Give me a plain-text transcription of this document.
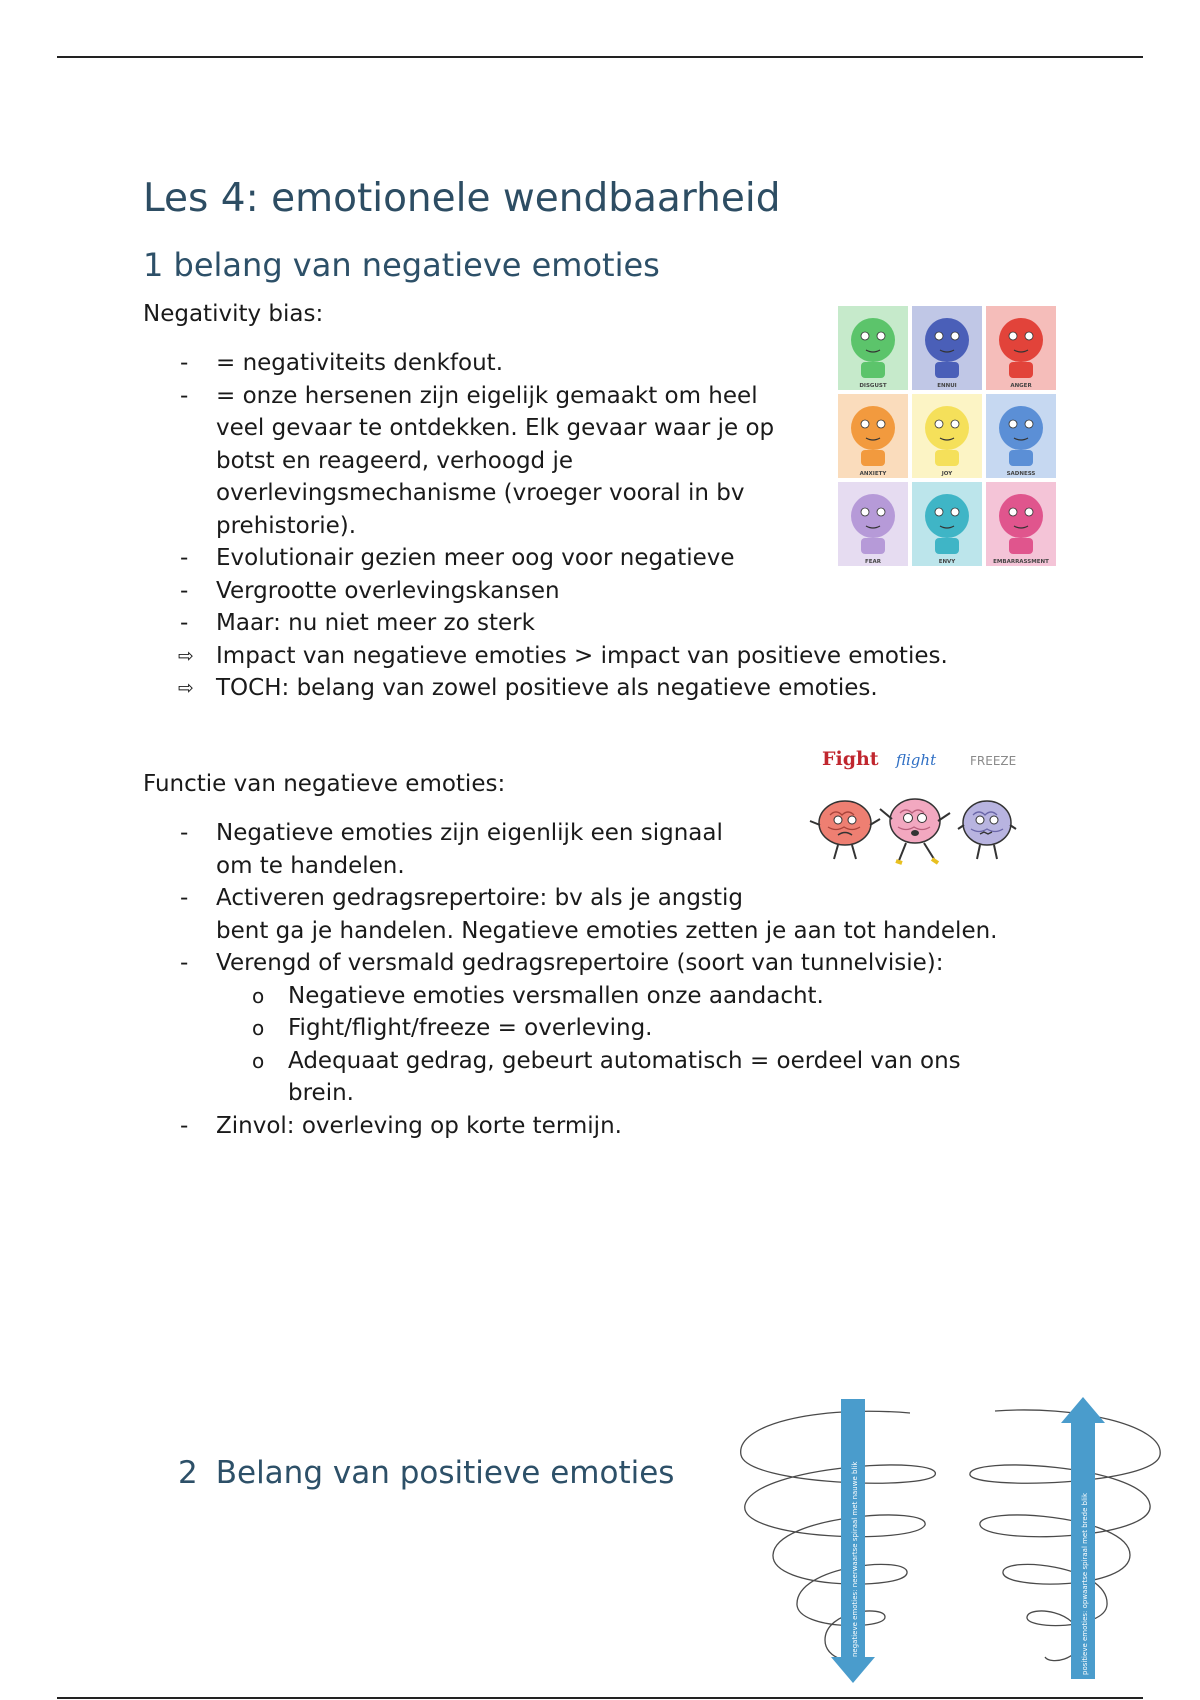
Les 4: emotionele wendbaarheid
1 belang van negatieve emoties
Negativity bias:
- = negativiteits denkfout.
- = onze hersenen zijn eigelijk gemaakt om heel
veel gevaar te ontdekken. Elk gevaar waar je op
botst en reageerd, verhoogd je
overlevingsmechanisme (vroeger vooral in bv
prehistorie).
- Evolutionair gezien meer oog voor negatieve
- Vergrootte overlevingskansen
- Maar: nu niet meer zo sterk
⇨ Impact van negatieve emoties > impact van positieve emoties.
⇨ TOCH: belang van zowel positieve als negatieve emoties.
DISGUST	ENNUI	ANGER
ANXIETY	JOY	SADNESS
FEAR	ENVY	EMBARRASSMENT
Functie van negatieve emoties:
- Negatieve emoties zijn eigenlijk een signaal
om te handelen.
- Activeren gedragsrepertoire: bv als je angstig
bent ga je handelen. Negatieve emoties zetten je aan tot handelen.
- Verengd of versmald gedragsrepertoire (soort van tunnelvisie):
o Negatieve emoties versmallen onze aandacht.
o Fight/flight/freeze = overleving.
o Adequaat gedrag, gebeurt automatisch = oerdeel van ons
brein.
- Zinvol: overleving op korte termijn.
Fight flight	FREEZE
2 Belang van positieve emoties	negatieve emoties: neerwaartse spiraal met nauwe blik	positieve emoties: opwaartse spiraal met brede blik
